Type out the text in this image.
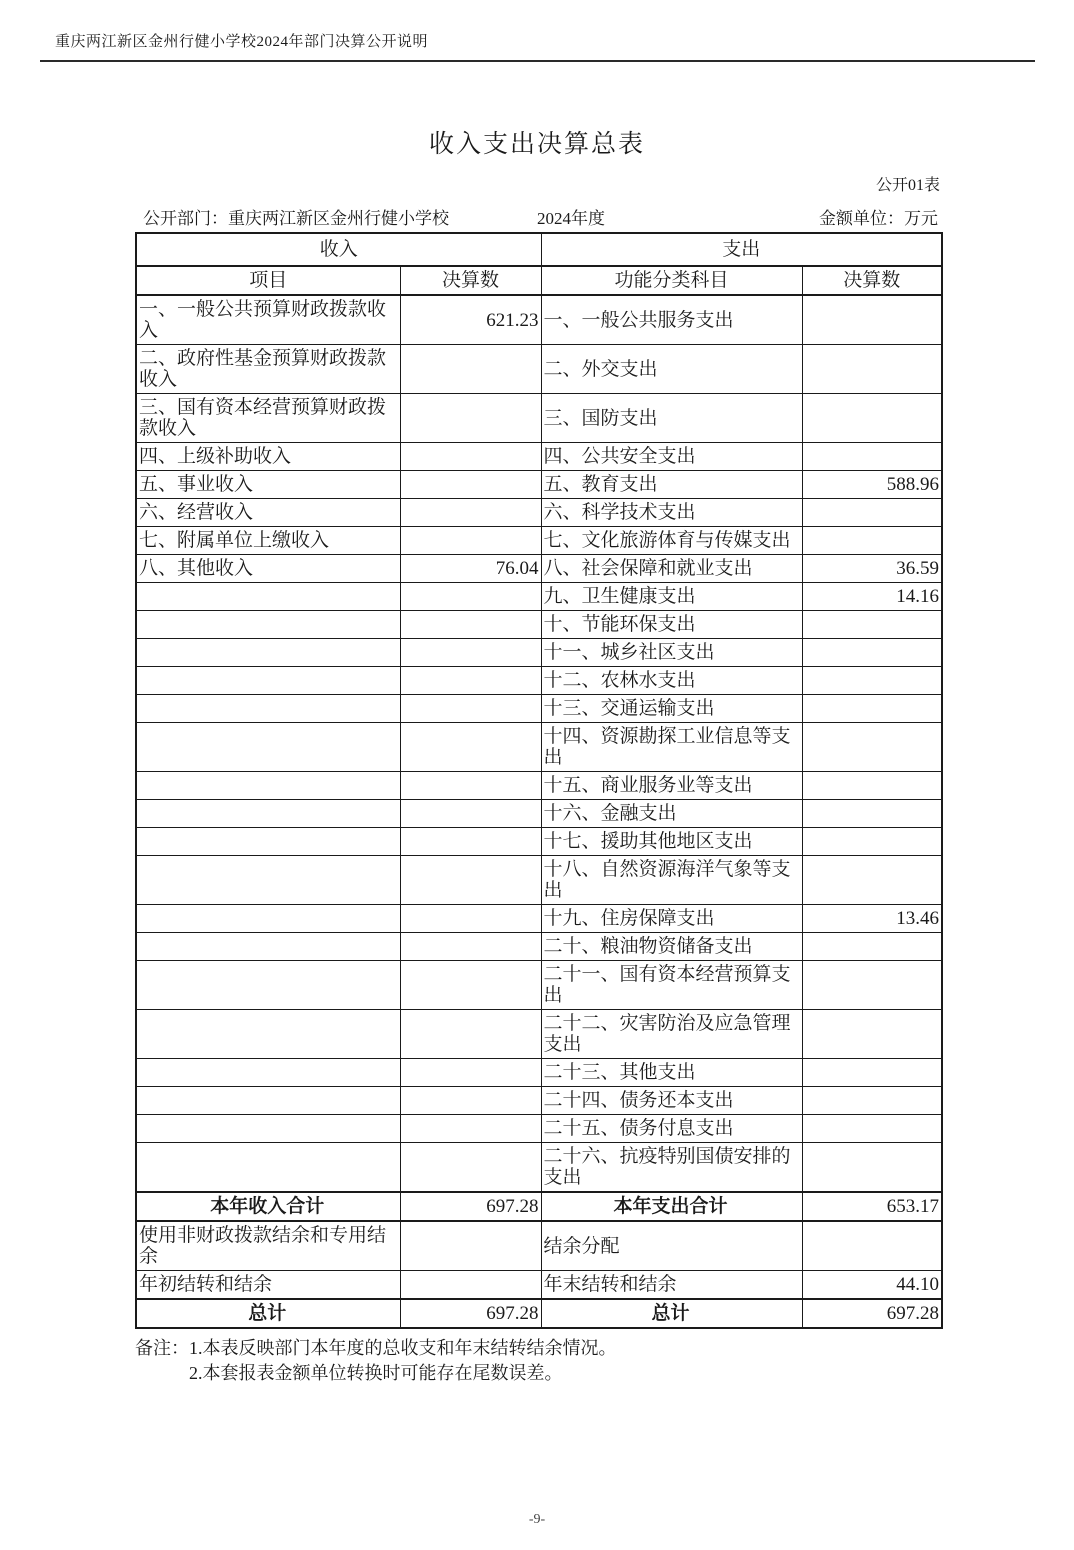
重庆两江新区金州行健小学校2024年部门决算公开说明
收入支出决算总表
公开01表
公开部门：重庆两江新区金州行健小学校	2024年度	金额单位：万元
收入		支出	
项目	决算数	功能分类科目	决算数
一、一般公共预算财政拨款收入	621.23	一、一般公共服务支出	
二、政府性基金预算财政拨款收入		二、外交支出	
三、国有资本经营预算财政拨款收入		三、国防支出	
四、上级补助收入		四、公共安全支出	
五、事业收入		五、教育支出	588.96
六、经营收入		六、科学技术支出	
七、附属单位上缴收入		七、文化旅游体育与传媒支出	
八、其他收入	76.04	八、社会保障和就业支出	36.59
		九、卫生健康支出	14.16
		十、节能环保支出	
		十一、城乡社区支出	
		十二、农林水支出	
		十三、交通运输支出	
		十四、资源勘探工业信息等支出	
		十五、商业服务业等支出	
		十六、金融支出	
		十七、援助其他地区支出	
		十八、自然资源海洋气象等支出	
		十九、住房保障支出	13.46
		二十、粮油物资储备支出	
		二十一、国有资本经营预算支出	
		二十二、灾害防治及应急管理支出	
		二十三、其他支出	
		二十四、债务还本支出	
		二十五、债务付息支出	
		二十六、抗疫特别国债安排的支出	
本年收入合计	697.28	本年支出合计	653.17
使用非财政拨款结余和专用结余		结余分配	
年初结转和结余		年末结转和结余	44.10
总计	697.28	总计	697.28
备注：1.本表反映部门本年度的总收支和年末结转结余情况。
2.本套报表金额单位转换时可能存在尾数误差。
-9-
